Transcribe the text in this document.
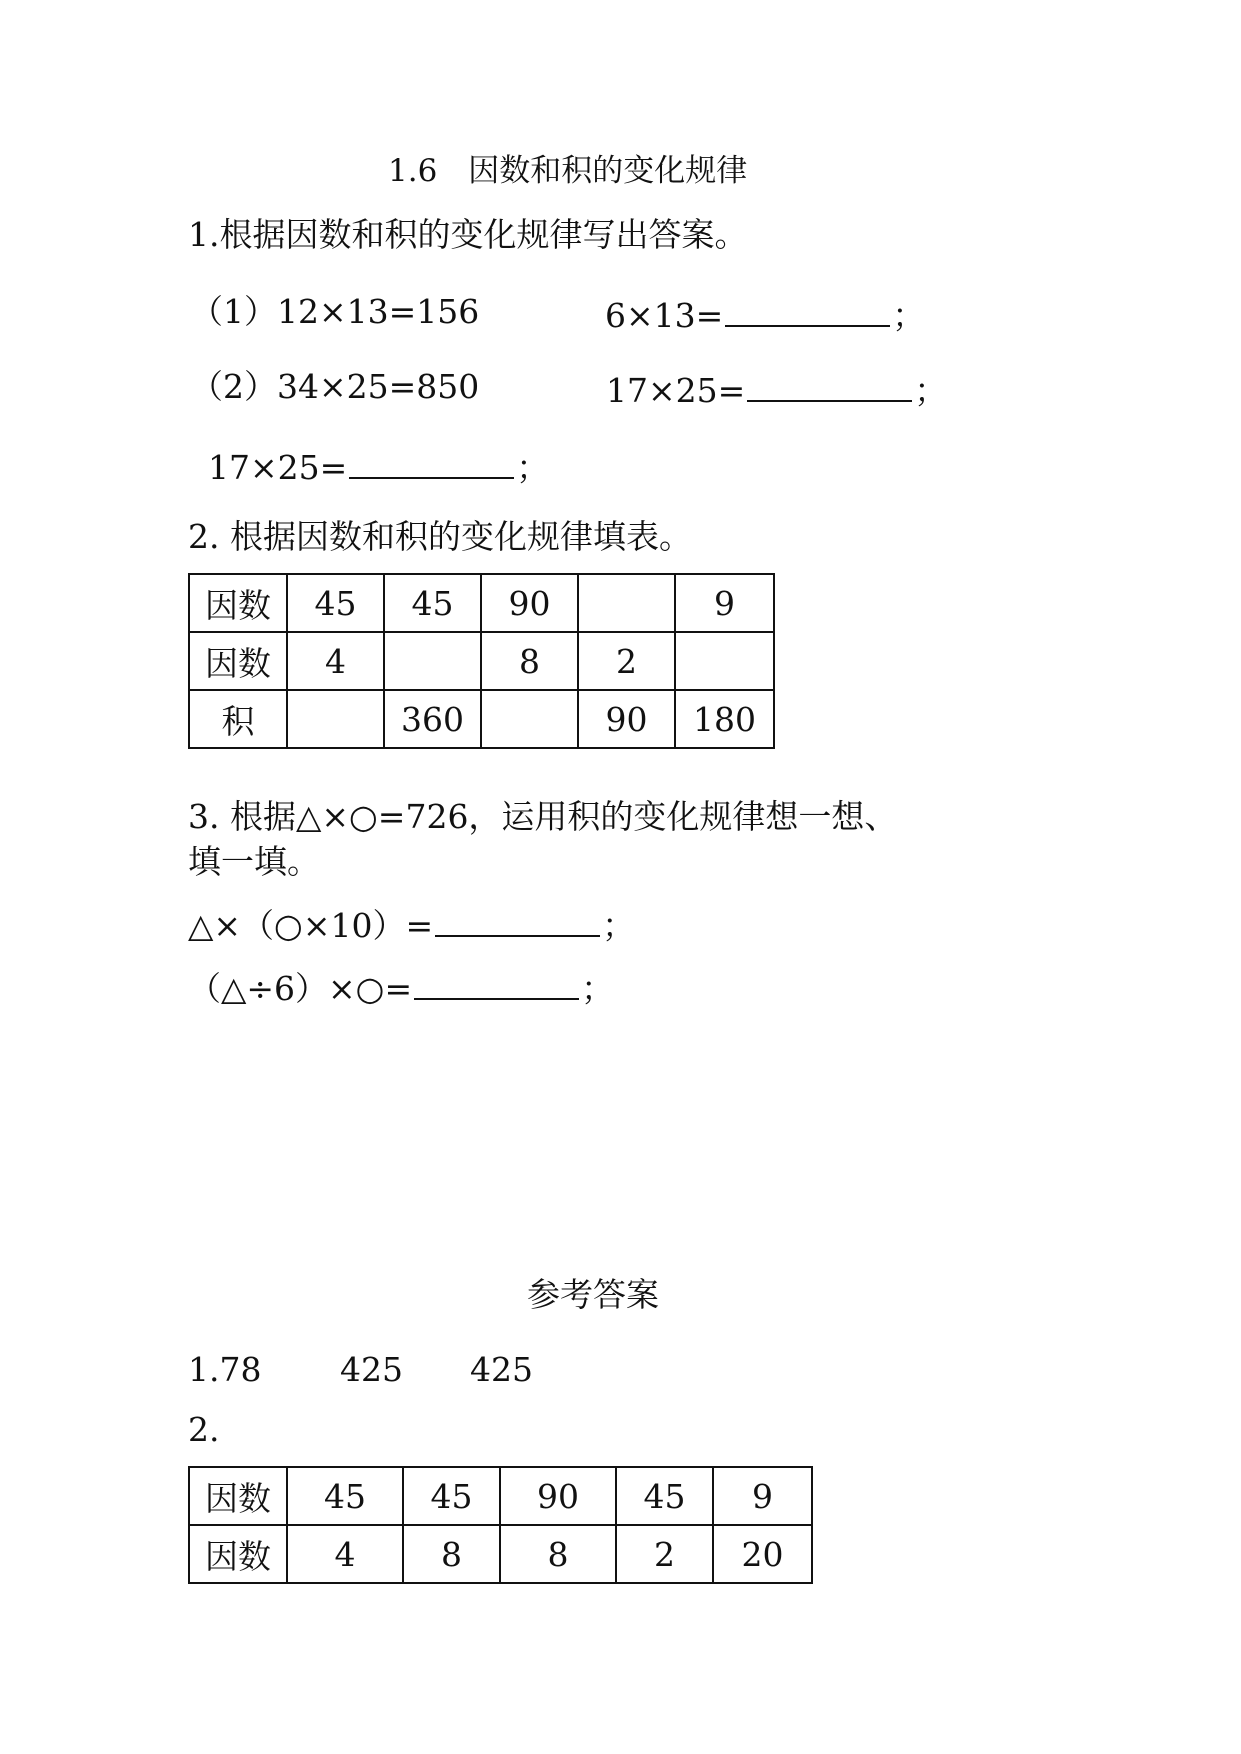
1.6　因数和积的变化规律
1.根据因数和积的变化规律写出答案。
（1）12×13=156	6×13=	；
（2）34×25=850	17×25=	；
17×25=	；
2. 根据因数和积的变化规律填表。
因数	45	45	90		9
因数	4		8	2	
积		360		90	180
3. 根据△×○=726，运用积的变化规律想一想、
填一填。
△×（○×10）=	；
（△÷6）×○=	；
参考答案
1.78 425 425
2.
因数	45	45	90	45	9
因数	4	8	8	2	20
